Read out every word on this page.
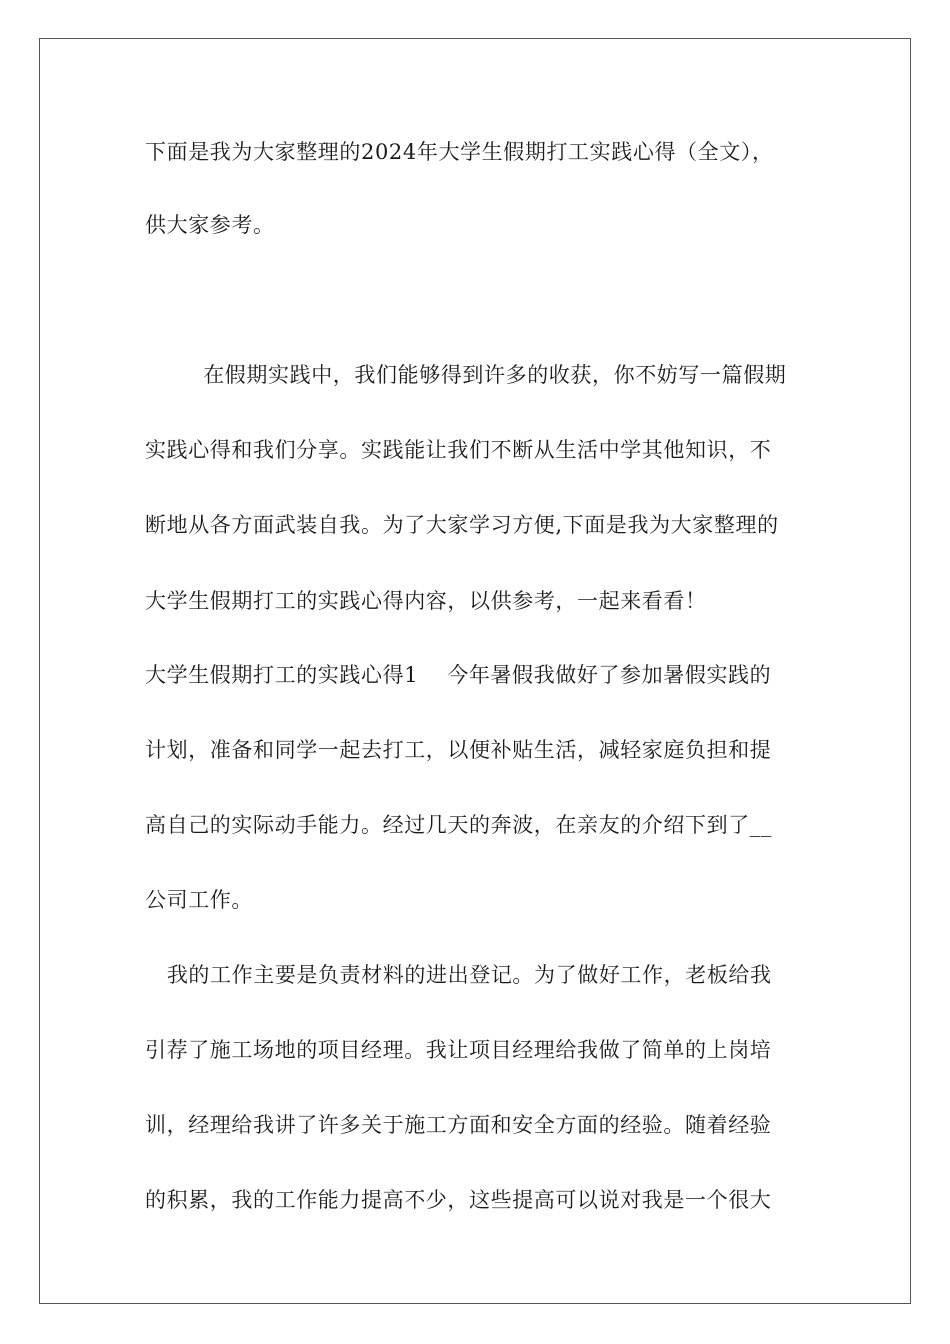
下面是我为大家整理的2024年大学生假期打工实践心得（全文），
供大家参考。
在假期实践中，我们能够得到许多的收获，你不妨写一篇假期
实践心得和我们分享。实践能让我们不断从生活中学其他知识，不
断地从各方面武装自我。为了大家学习方便,下面是我为大家整理的
大学生假期打工的实践心得内容，以供参考，一起来看看！
大学生假期打工的实践心得1    今年暑假我做好了参加暑假实践的
计划，准备和同学一起去打工，以便补贴生活，减轻家庭负担和提
高自己的实际动手能力。经过几天的奔波，在亲友的介绍下到了__
公司工作。
我的工作主要是负责材料的进出登记。为了做好工作，老板给我
引荐了施工场地的项目经理。我让项目经理给我做了简单的上岗培
训，经理给我讲了许多关于施工方面和安全方面的经验。随着经验
的积累，我的工作能力提高不少，这些提高可以说对我是一个很大
